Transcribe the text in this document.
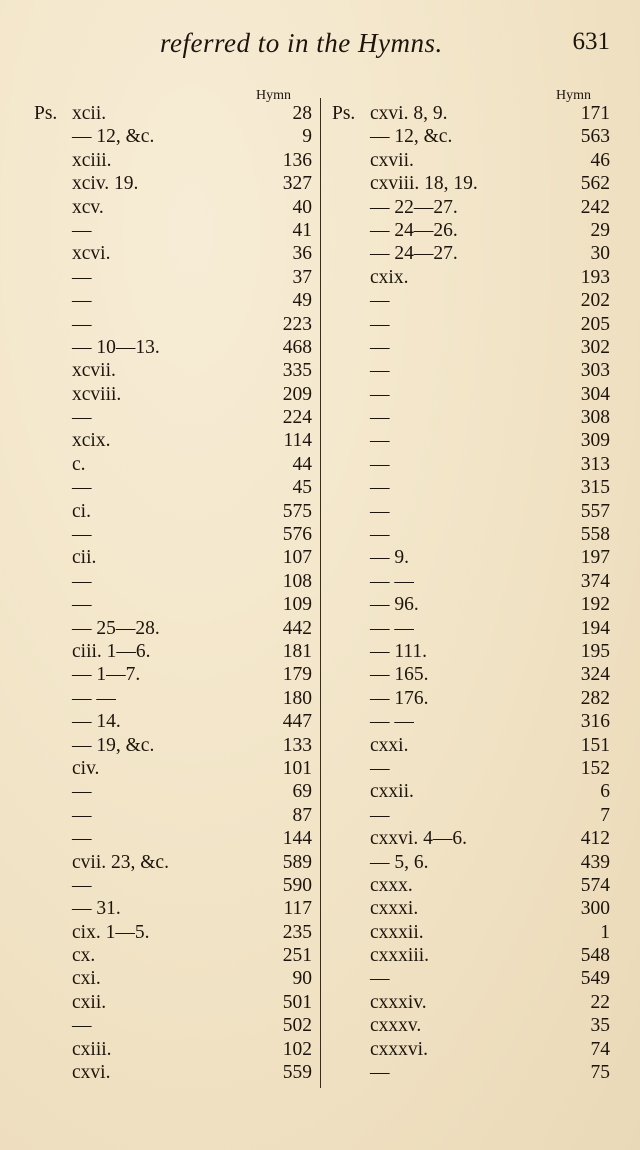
referred to in the Hymns.	631
Hymn	Hymn
Ps. xcii.	28
— 12, &c.	9
xciii.	136
xciv. 19.	327
xcv.	40
—	41
xcvi.	36
—	37
—	49
—	223
— 10—13.	468
xcvii.	335
xcviii.	209
—	224
xcix.	114
c.	44
—	45
ci.	575
—	576
cii.	107
—	108
—	109
— 25—28.	442
ciii. 1—6.	181
— 1—7.	179
— —	180
— 14.	447
— 19, &c.	133
civ.	101
—	69
—	87
—	144
cvii. 23, &c.	589
—	590
— 31.	117
cix. 1—5.	235
cx.	251
cxi.	90
cxii.	501
—	502
cxiii.	102
cxvi.	559
Ps. cxvi. 8, 9.	171
— 12, &c.	563
cxvii.	46
cxviii. 18, 19.	562
— 22—27.	242
— 24—26.	29
— 24—27.	30
cxix.	193
—	202
—	205
—	302
—	303
—	304
—	308
—	309
—	313
—	315
—	557
—	558
— 9.	197
— —	374
— 96.	192
— —	194
— 111.	195
— 165.	324
— 176.	282
— —	316
cxxi.	151
—	152
cxxii.	6
—	7
cxxvi. 4—6.	412
— 5, 6.	439
cxxx.	574
cxxxi.	300
cxxxii.	1
cxxxiii.	548
—	549
cxxxiv.	22
cxxxv.	35
cxxxvi.	74
—	75
